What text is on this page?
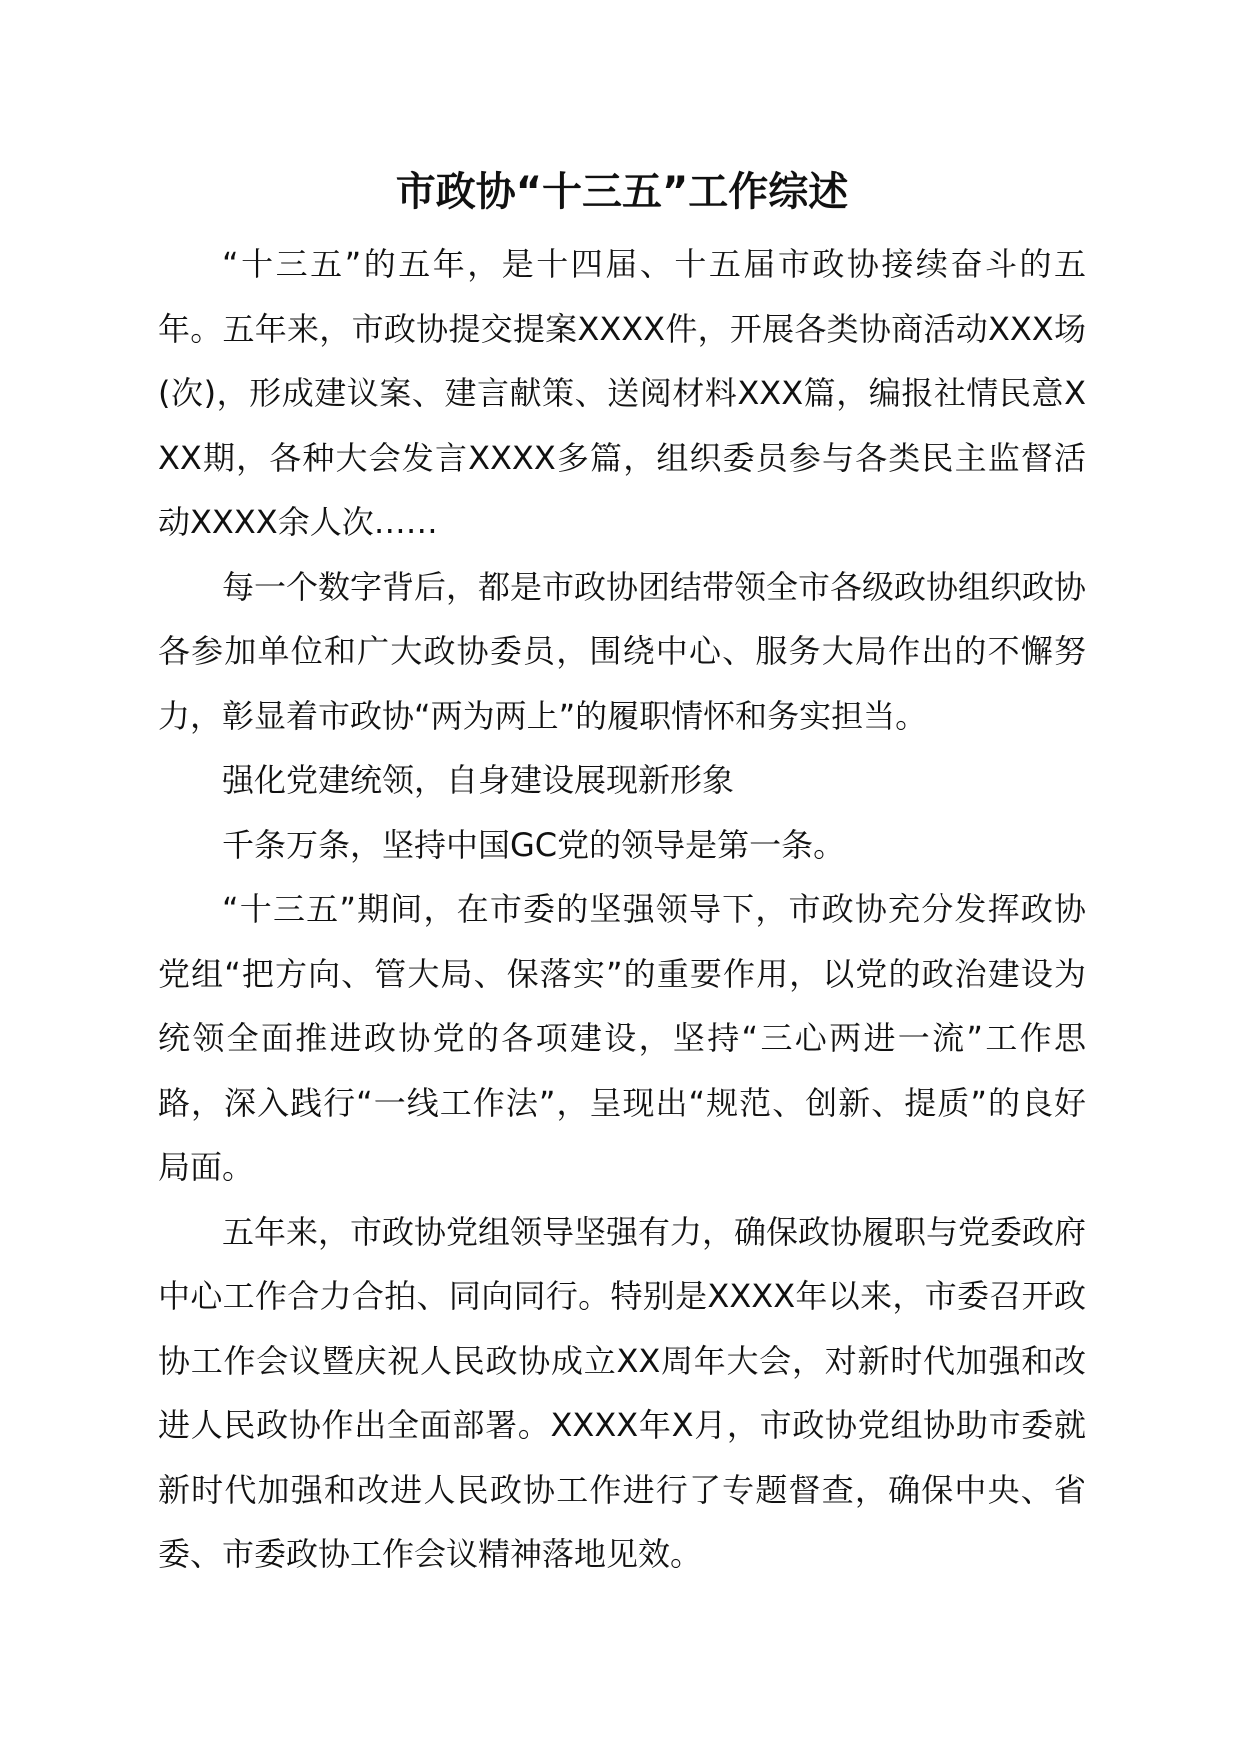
市政协“十三五”工作综述

“十三五”的五年，是十四届、十五届市政协接续奋斗的五年。五年来，市政协提交提案XXXX件，开展各类协商活动XXX场(次)，形成建议案、建言献策、送阅材料XXX篇，编报社情民意XXX期，各种大会发言XXXX多篇，组织委员参与各类民主监督活动XXXX余人次……

每一个数字背后，都是市政协团结带领全市各级政协组织政协各参加单位和广大政协委员，围绕中心、服务大局作出的不懈努力，彰显着市政协“两为两上”的履职情怀和务实担当。

强化党建统领，自身建设展现新形象

千条万条，坚持中国GC党的领导是第一条。

“十三五”期间，在市委的坚强领导下，市政协充分发挥政协党组“把方向、管大局、保落实”的重要作用，以党的政治建设为统领全面推进政协党的各项建设，坚持“三心两进一流”工作思路，深入践行“一线工作法”，呈现出“规范、创新、提质”的良好局面。

五年来，市政协党组领导坚强有力，确保政协履职与党委政府中心工作合力合拍、同向同行。特别是XXXX年以来，市委召开政协工作会议暨庆祝人民政协成立XX周年大会，对新时代加强和改进人民政协作出全面部署。XXXX年X月，市政协党组协助市委就新时代加强和改进人民政协工作进行了专题督查，确保中央、省委、市委政协工作会议精神落地见效。
